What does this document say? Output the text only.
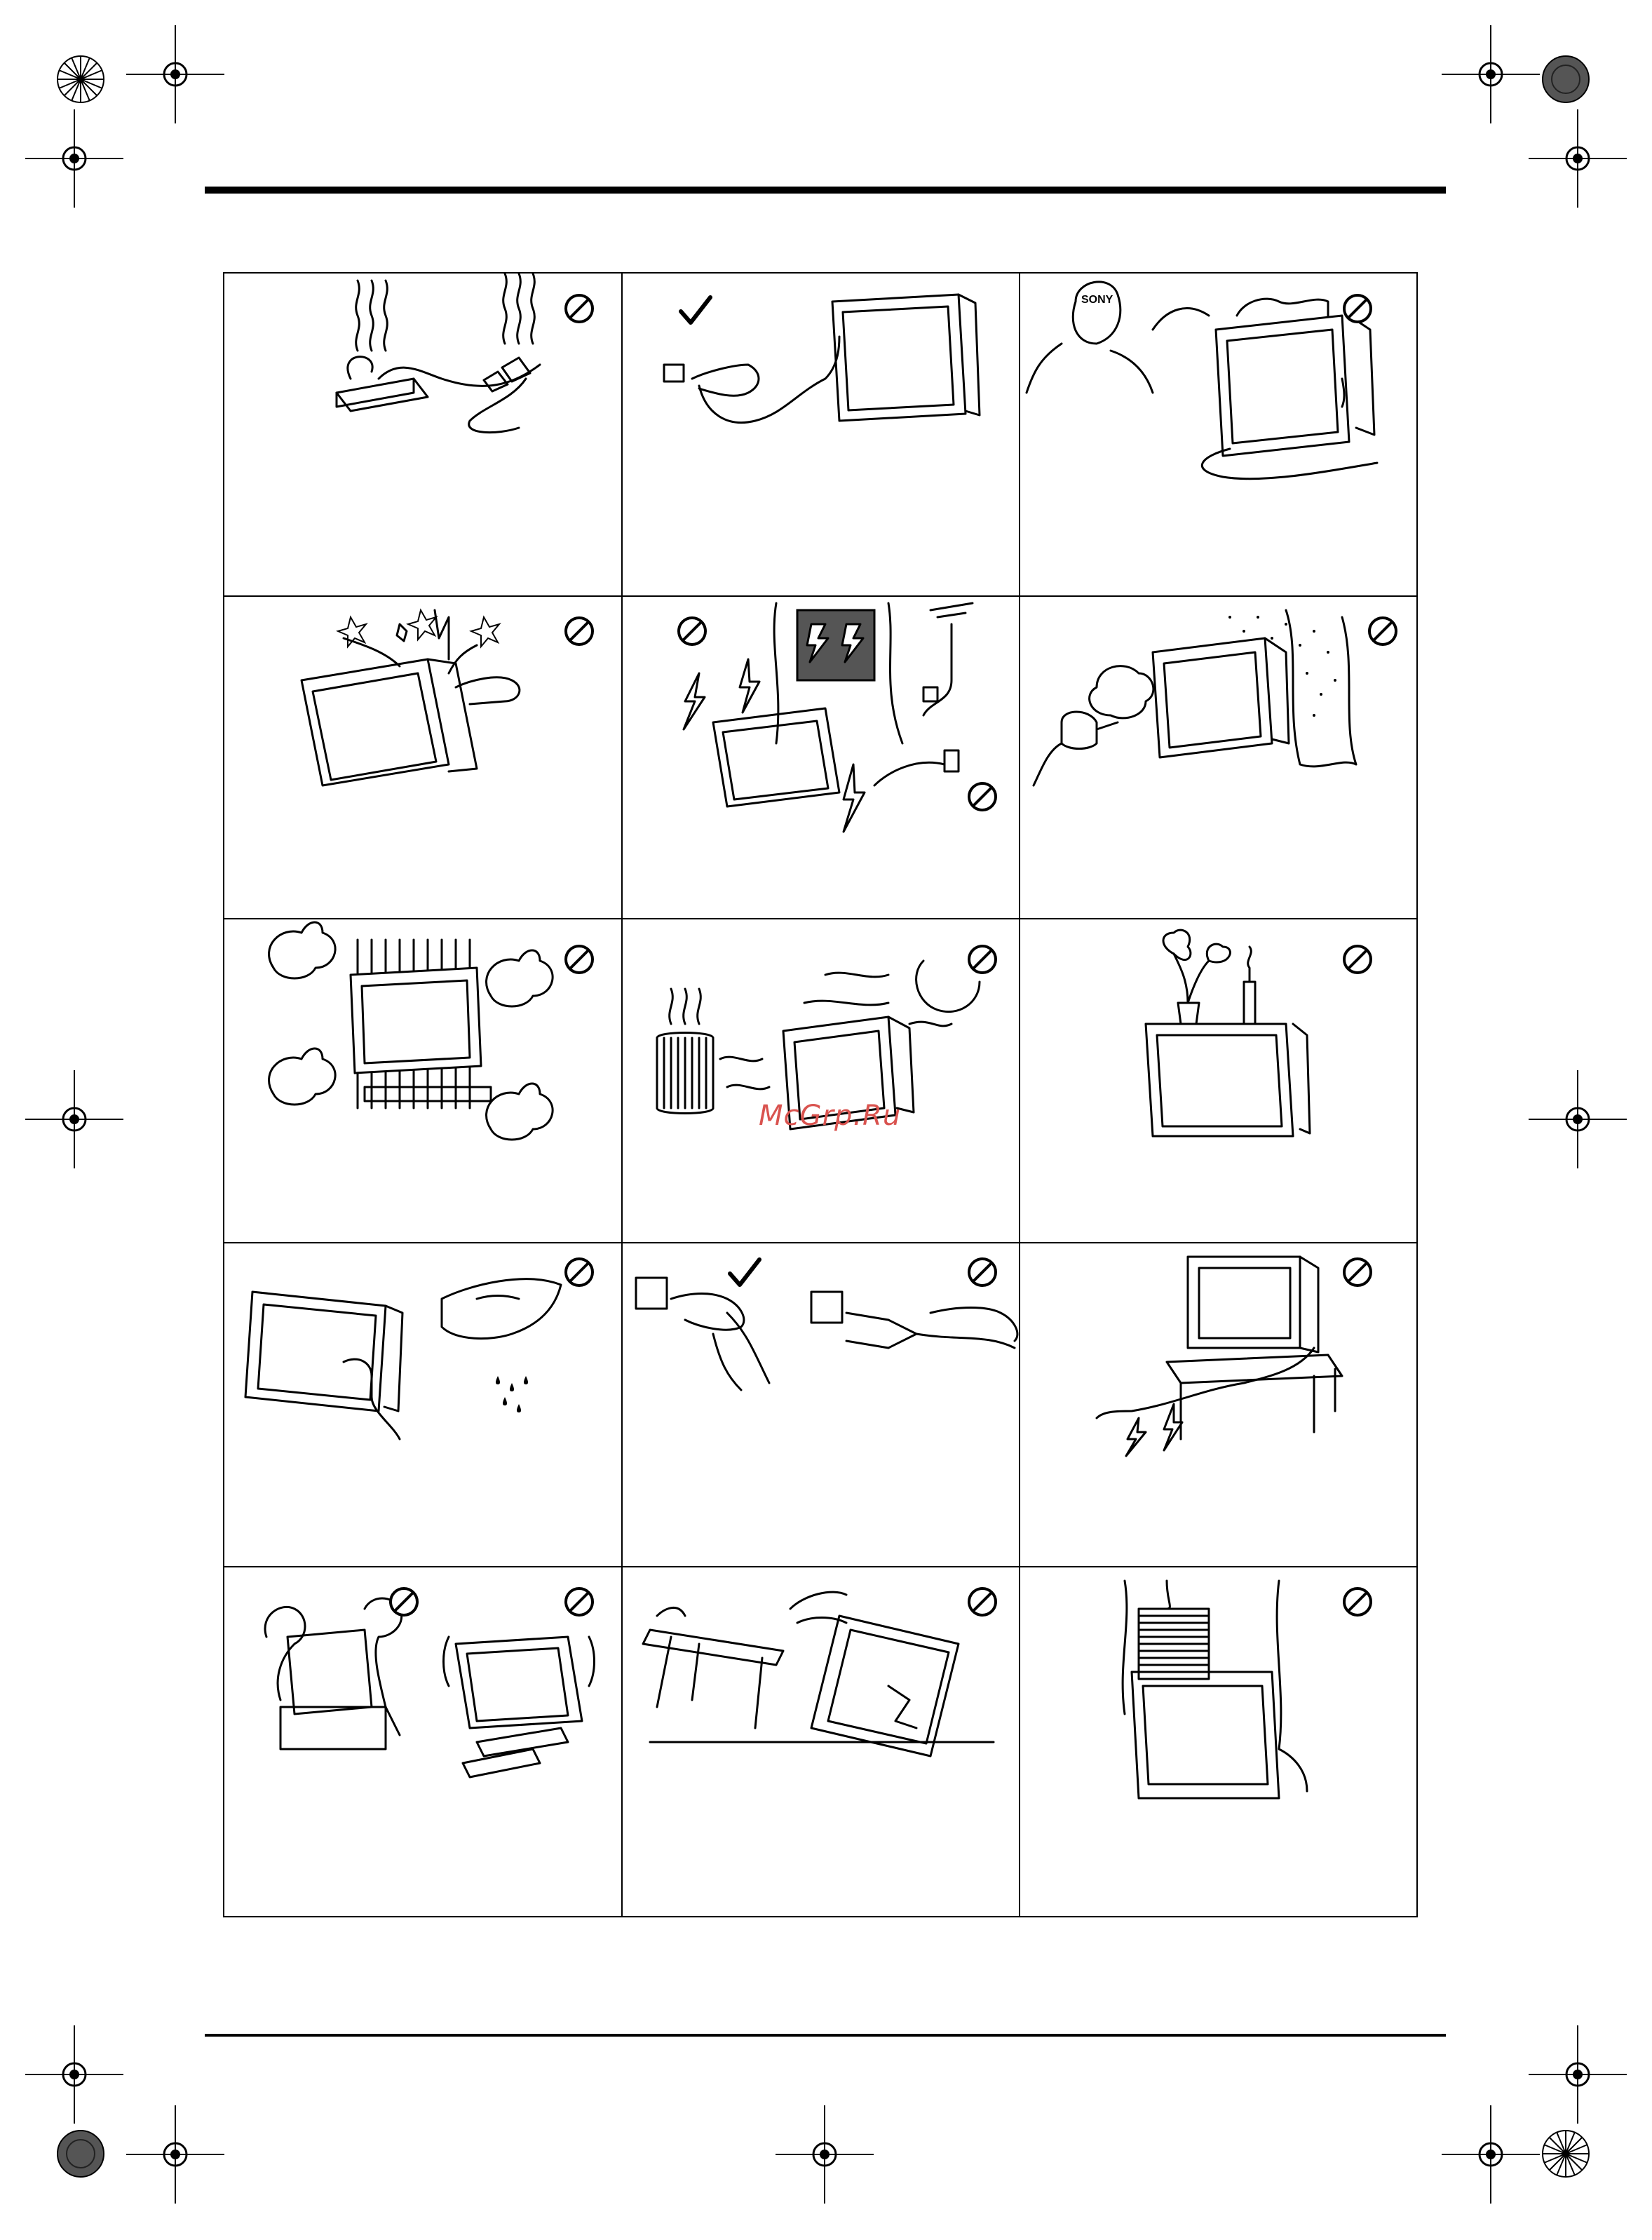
SONY
McGrp.Ru
